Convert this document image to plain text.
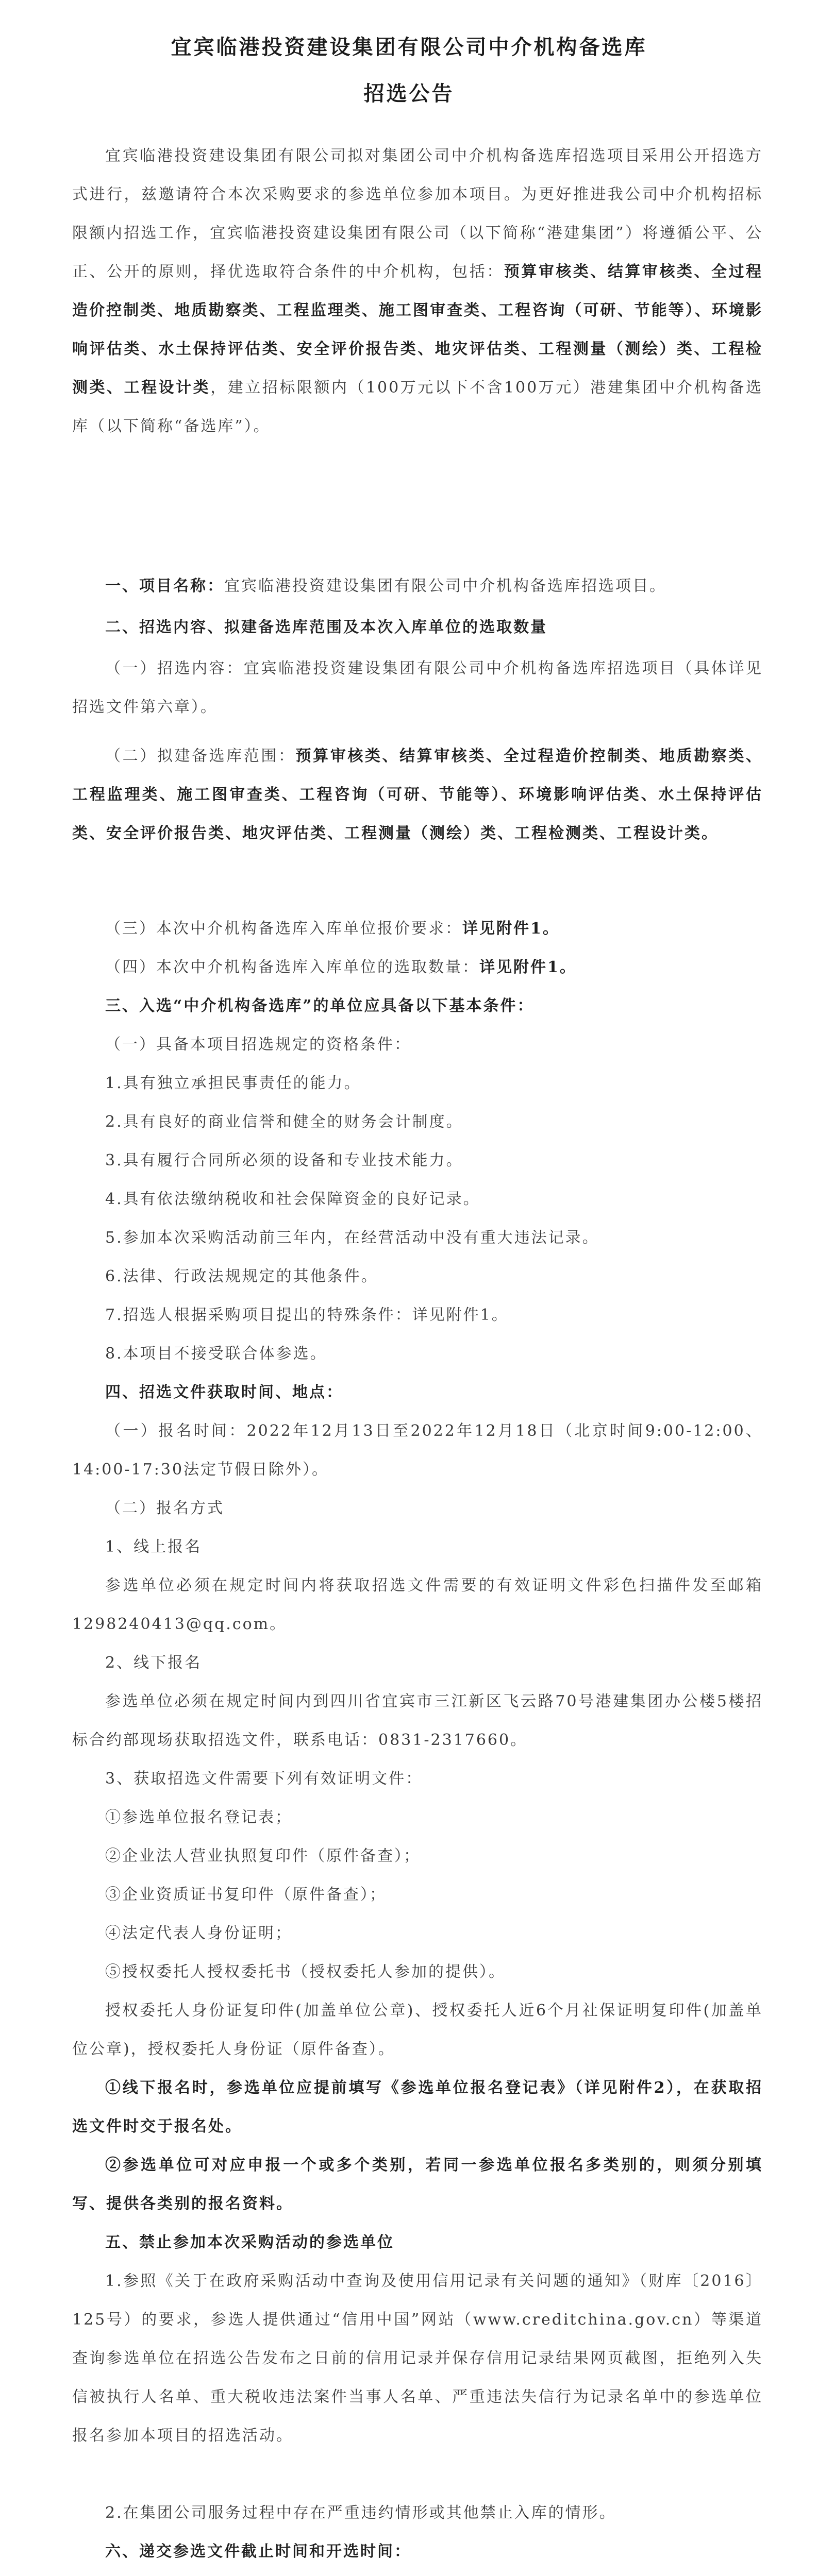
宜宾临港投资建设集团有限公司中介机构备选库
招选公告

宜宾临港投资建设集团有限公司拟对集团公司中介机构备选库招选项目采用公开招选方式进行，兹邀请符合本次采购要求的参选单位参加本项目。为更好推进我公司中介机构招标限额内招选工作，宜宾临港投资建设集团有限公司（以下简称“港建集团”）将遵循公平、公正、公开的原则，择优选取符合条件的中介机构，包括：预算审核类、结算审核类、全过程造价控制类、地质勘察类、工程监理类、施工图审查类、工程咨询（可研、节能等）、环境影响评估类、水土保持评估类、安全评价报告类、地灾评估类、工程测量（测绘）类、工程检测类、工程设计类，建立招标限额内（100万元以下不含100万元）港建集团中介机构备选库（以下简称“备选库”）。

一、项目名称：宜宾临港投资建设集团有限公司中介机构备选库招选项目。

二、招选内容、拟建备选库范围及本次入库单位的选取数量

（一）招选内容：宜宾临港投资建设集团有限公司中介机构备选库招选项目（具体详见招选文件第六章）。

（二）拟建备选库范围：预算审核类、结算审核类、全过程造价控制类、地质勘察类、工程监理类、施工图审查类、工程咨询（可研、节能等）、环境影响评估类、水土保持评估类、安全评价报告类、地灾评估类、工程测量（测绘）类、工程检测类、工程设计类。

（三）本次中介机构备选库入库单位报价要求：详见附件1。

（四）本次中介机构备选库入库单位的选取数量：详见附件1。

三、入选“中介机构备选库”的单位应具备以下基本条件：

（一）具备本项目招选规定的资格条件：

1.具有独立承担民事责任的能力。

2.具有良好的商业信誉和健全的财务会计制度。

3.具有履行合同所必须的设备和专业技术能力。

4.具有依法缴纳税收和社会保障资金的良好记录。

5.参加本次采购活动前三年内，在经营活动中没有重大违法记录。

6.法律、行政法规规定的其他条件。

7.招选人根据采购项目提出的特殊条件：详见附件1。

8.本项目不接受联合体参选。

四、招选文件获取时间、地点：

（一）报名时间：2022年12月13日至2022年12月18日（北京时间9:00-12:00、14:00-17:30法定节假日除外）。

（二）报名方式

1、线上报名

参选单位必须在规定时间内将获取招选文件需要的有效证明文件彩色扫描件发至邮箱1298240413@qq.com。

2、线下报名

参选单位必须在规定时间内到四川省宜宾市三江新区飞云路70号港建集团办公楼5楼招标合约部现场获取招选文件，联系电话：0831-2317660。

3、获取招选文件需要下列有效证明文件：

①参选单位报名登记表；

②企业法人营业执照复印件（原件备查）；

③企业资质证书复印件（原件备查）；

④法定代表人身份证明；

⑤授权委托人授权委托书（授权委托人参加的提供）。

授权委托人身份证复印件(加盖单位公章)、授权委托人近6个月社保证明复印件(加盖单位公章)，授权委托人身份证（原件备查）。

①线下报名时，参选单位应提前填写《参选单位报名登记表》（详见附件2），在获取招选文件时交于报名处。

②参选单位可对应申报一个或多个类别，若同一参选单位报名多类别的，则须分别填写、提供各类别的报名资料。

五、禁止参加本次采购活动的参选单位

1.参照《关于在政府采购活动中查询及使用信用记录有关问题的通知》（财库〔2016〕125号）的要求，参选人提供通过“信用中国”网站（www.creditchina.gov.cn）等渠道查询参选单位在招选公告发布之日前的信用记录并保存信用记录结果网页截图，拒绝列入失信被执行人名单、重大税收违法案件当事人名单、严重违法失信行为记录名单中的参选单位报名参加本项目的招选活动。

2.在集团公司服务过程中存在严重违约情形或其他禁止入库的情形。

六、递交参选文件截止时间和开选时间：
